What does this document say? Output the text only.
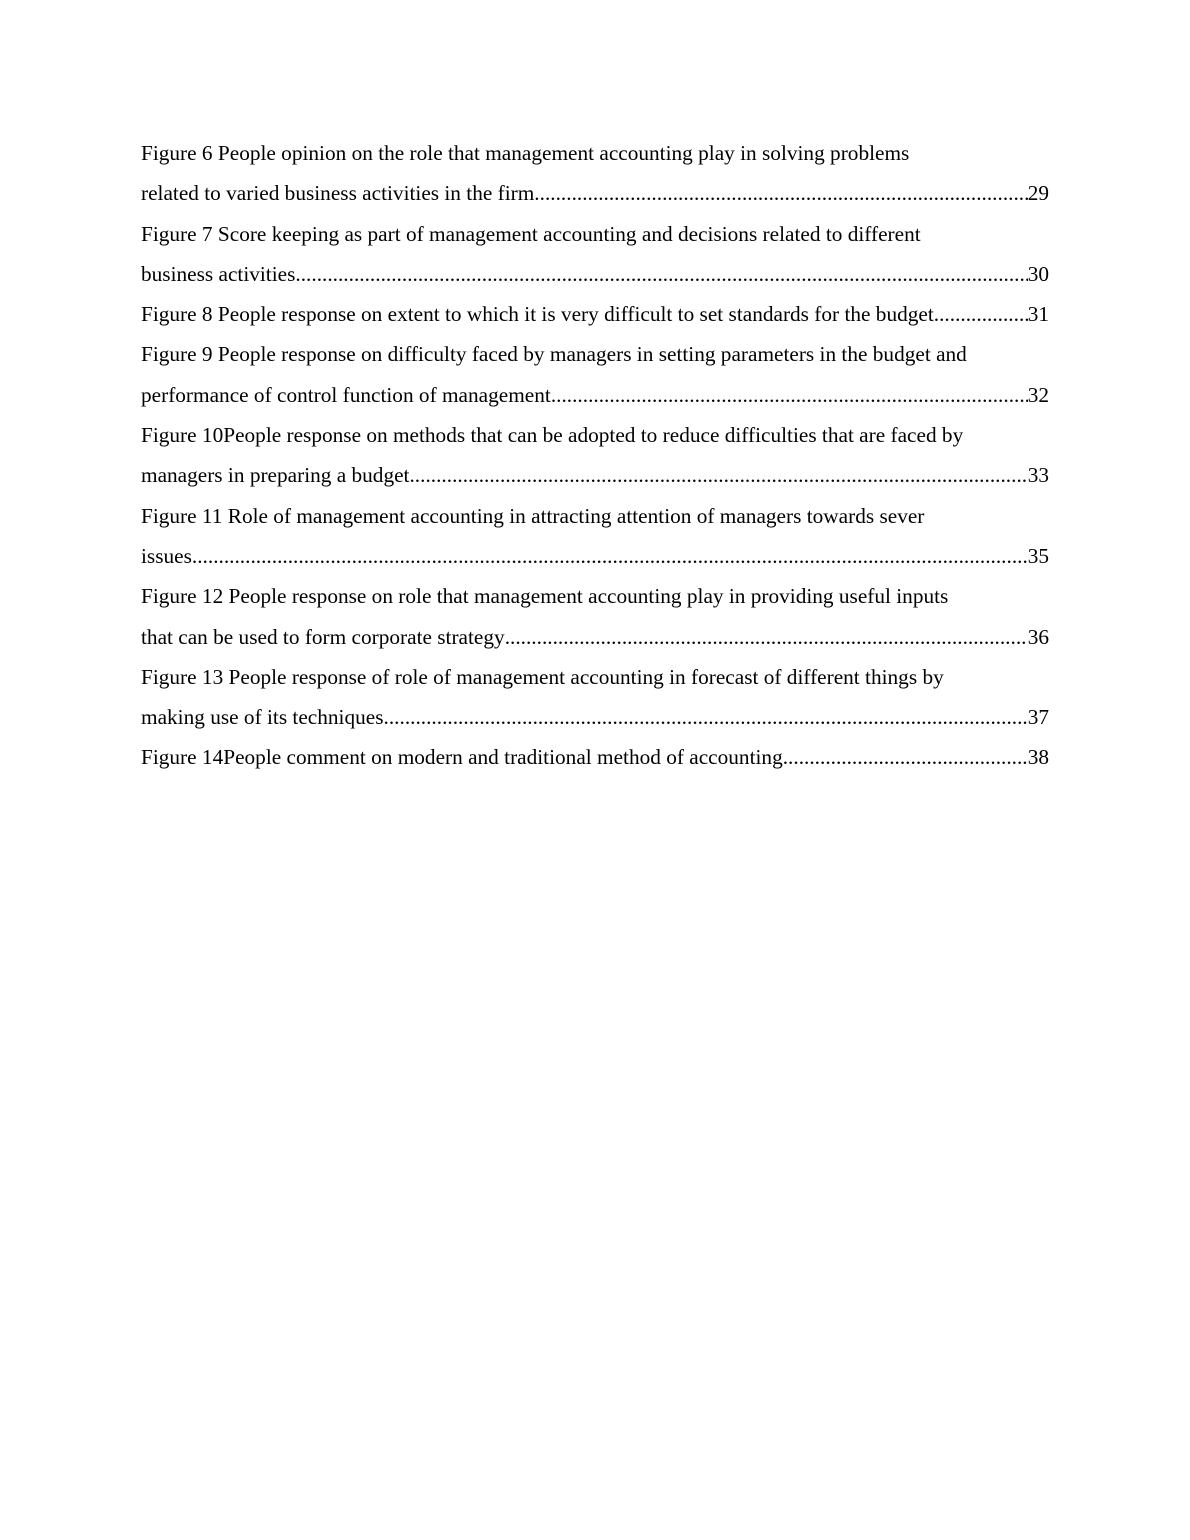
Figure 6 People opinion on the role that management accounting play in solving problems
related to varied business activities in the firm .....	29
Figure 7 Score keeping as part of management accounting and decisions related to different
business activities .....	30
Figure 8 People response on extent to which it is very difficult to set standards for the budget. .....	31
Figure 9 People response on difficulty faced by managers in setting parameters in the budget and
performance of control function of management .....	32
Figure 10People response on methods that can be adopted to reduce difficulties that are faced by
managers in preparing a budget .....	33
Figure 11 Role of management accounting in attracting attention of managers towards sever
issues .....	35
Figure 12 People response on role that management accounting play in providing useful inputs
that can be used to form corporate strategy .....	36
Figure 13 People response of role of management accounting in forecast of different things by
making use of its techniques .....	37
Figure 14People comment on modern and traditional method of accounting .....	38
